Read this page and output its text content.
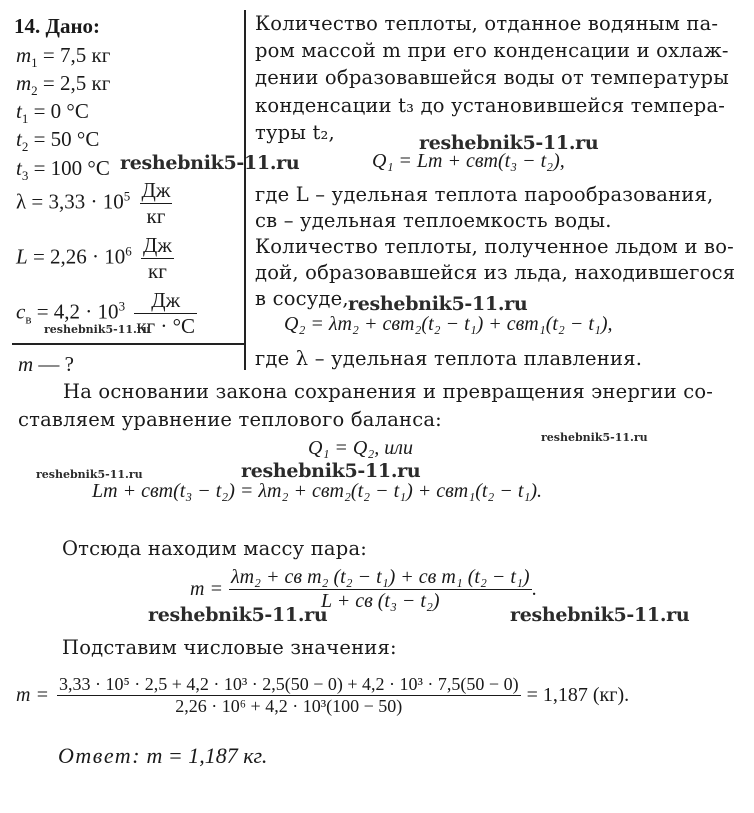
14. Дано:
$m_1 = 7,5$ кг
$m_2 = 2,5$ кг
$t_1 = 0$ °С
$t_2 = 50$ °С
$t_3 = 100$ °С
$\lambda = 3,33 \cdot 10^5 \frac{Дж}{кг}$
$L = 2,26 \cdot 10^6 \frac{Дж}{кг}$
$c_в = 4,2 \cdot 10^3 \frac{Дж}{кг \cdot ^\circ С}$
m — ?
Количество теплоты, отданное водяным па-
ром массой m при его конденсации и охлаж-
дении образовавшейся воды от температуры
конденсации t₃ до установившейся темпера-
туры t₂,
Q₁ = Lm + cвm(t₃ − t₂),
где L – удельная теплота парообразования,
cв – удельная теплоемкость воды.
Количество теплоты, полученное льдом и во-
дой, образовавшейся из льда, находившегося
в сосуде,
Q₂ = λm₂ + cвm₂(t₂ − t₁) + cвm₁(t₂ − t₁),
где λ – удельная теплота плавления.
На основании закона сохранения и превращения энергии со-
ставляем уравнение теплового баланса:
Q₁ = Q₂, или
Lm + cвm(t₃ − t₂) = λm₂ + cвm₂(t₂ − t₁) + cвm₁(t₂ − t₁).
Отсюда находим массу пара:
$m = \frac{\text{λm₂ + cв m₂ (t₂ − t₁) + cв m₁ (t₂ − t₁)}}{\text{L + cв (t₃ − t₂)}}$ .
Подставим числовые значения:
m = 3,33 · 10⁵ · 2,5 + 4,2 · 10³ · 2,5(50 − 0) + 4,2 · 10³ · 7,5(50 − 0)
2,26 · 10⁶ + 4,2 · 10³(100 − 50)	= 1,187 (кг).
Ответ: m = 1,187 кг.
reshebnik5-11.ru
reshebnik5-11.ru
reshebnik5-11.ru
reshebnik5-11.ru
reshebnik5-11.ru
reshebnik5-11.ru	reshebnik5-11.ru
reshebnik5-11.ru	reshebnik5-11.ru
